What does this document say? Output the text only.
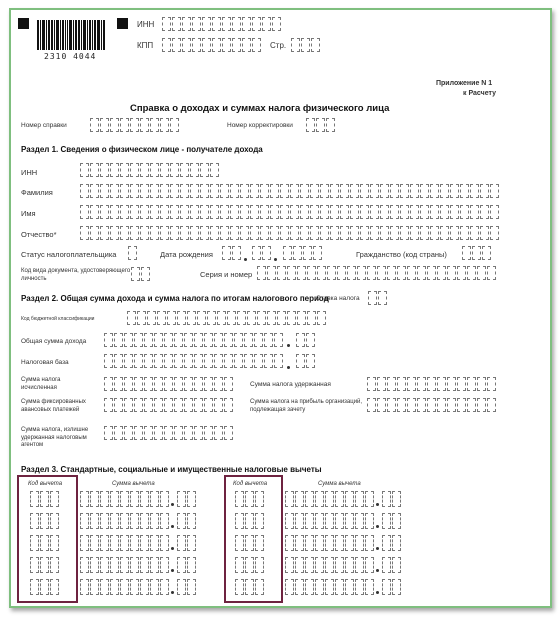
2310 4044
ИНН
КПП	Стр.
Приложение N 1
к Расчету
Справка о доходах и суммах налога физического лица
Номер справки	Номер корректировки
Раздел 1. Сведения о физическом лице - получателе дохода
ИНН
Фамилия
Имя
Отчество*
Статус налогоплательщика	Дата рождения	Гражданство (код страны)
Код вида документа, удостоверяющего личность	Серия и номер
Раздел 2. Общая сумма дохода и сумма налога по итогам налогового период
Ставка налога
Код бюджетной классификации
Общая сумма дохода
Налоговая база
Сумма налога исчисленная	Сумма налога удержанная
Сумма фиксированных авансовых платежей
Сумма налога на прибыль организаций, подлежащая зачету
Сумма налога, излишне удержанная налоговым агентом
Раздел 3. Стандартные, социальные и имущественные налоговые вычеты
Код вычета	Сумма вычета	Код вычета	Сумма вычета
